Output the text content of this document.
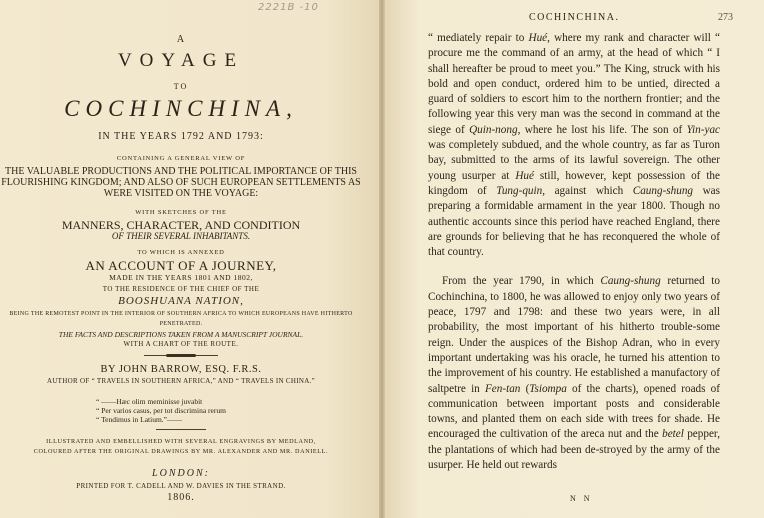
2221B -10
A
VOYAGE
TO
COCHINCHINA,
IN THE YEARS 1792 AND 1793:
CONTAINING A GENERAL VIEW OF
THE VALUABLE PRODUCTIONS AND THE POLITICAL IMPORTANCE OF THIS FLOURISHING KINGDOM; AND ALSO OF SUCH EUROPEAN SETTLEMENTS AS WERE VISITED ON THE VOYAGE:
WITH SKETCHES OF THE
MANNERS, CHARACTER, AND CONDITION
OF THEIR SEVERAL INHABITANTS.
TO WHICH IS ANNEXED
AN ACCOUNT OF A JOURNEY,
MADE IN THE YEARS 1801 AND 1802,
TO THE RESIDENCE OF THE CHIEF OF THE
BOOSHUANA NATION,
BEING THE REMOTEST POINT IN THE INTERIOR OF SOUTHERN AFRICA TO WHICH EUROPEANS HAVE HITHERTO PENETRATED.
THE FACTS AND DESCRIPTIONS TAKEN FROM A MANUSCRIPT JOURNAL.
WITH A CHART OF THE ROUTE.
BY JOHN BARROW, ESQ. F.R.S.
AUTHOR OF “ TRAVELS IN SOUTHERN AFRICA,” AND “ TRAVELS IN CHINA.”
“ ——Hæc olim meminisse juvabit
“ Per varios casus, per tot discrimina rerum
“ Tendimus in Latium.”——
ILLUSTRATED AND EMBELLISHED WITH SEVERAL ENGRAVINGS BY MEDLAND,
COLOURED AFTER THE ORIGINAL DRAWINGS BY MR. ALEXANDER AND MR. DANIELL.
LONDON:
PRINTED FOR T. CADELL AND W. DAVIES IN THE STRAND.
1806.
COCHINCHINA.	273

“ mediately repair to Hué, where my rank and character will “ procure me the command of an army, at the head of which “ I shall hereafter be proud to meet you.” The King, struck with his bold and open conduct, ordered him to be untied, directed a guard of soldiers to escort him to the northern frontier; and the following year this very man was the second in command at the siege of Quin-nong, where he lost his life. The son of Yin-yac was completely subdued, and the whole country, as far as Turon bay, submitted to the arms of its lawful sovereign. The other young usurper at Hué still, however, kept possession of the kingdom of Tung-quin, against which Caung-shung was preparing a formidable armament in the year 1800. Though no authentic accounts since this period have reached England, there are grounds for believing that he has reconquered the whole of that country.

From the year 1790, in which Caung-shung returned to Cochinchina, to 1800, he was allowed to enjoy only two years of peace, 1797 and 1798: and these two years were, in all probability, the most important of his hitherto trouble-some reign. Under the auspices of the Bishop Adran, who in every important undertaking was his oracle, he turned his attention to the improvement of his country. He established a manufactory of saltpetre in Fen-tan (Tsiompa of the charts), opened roads of communication between important posts and considerable towns, and planted them on each side with trees for shade. He encouraged the cultivation of the areca nut and the betel pepper, the plantations of which had been de-stroyed by the army of the usurper. He held out rewards

N N
